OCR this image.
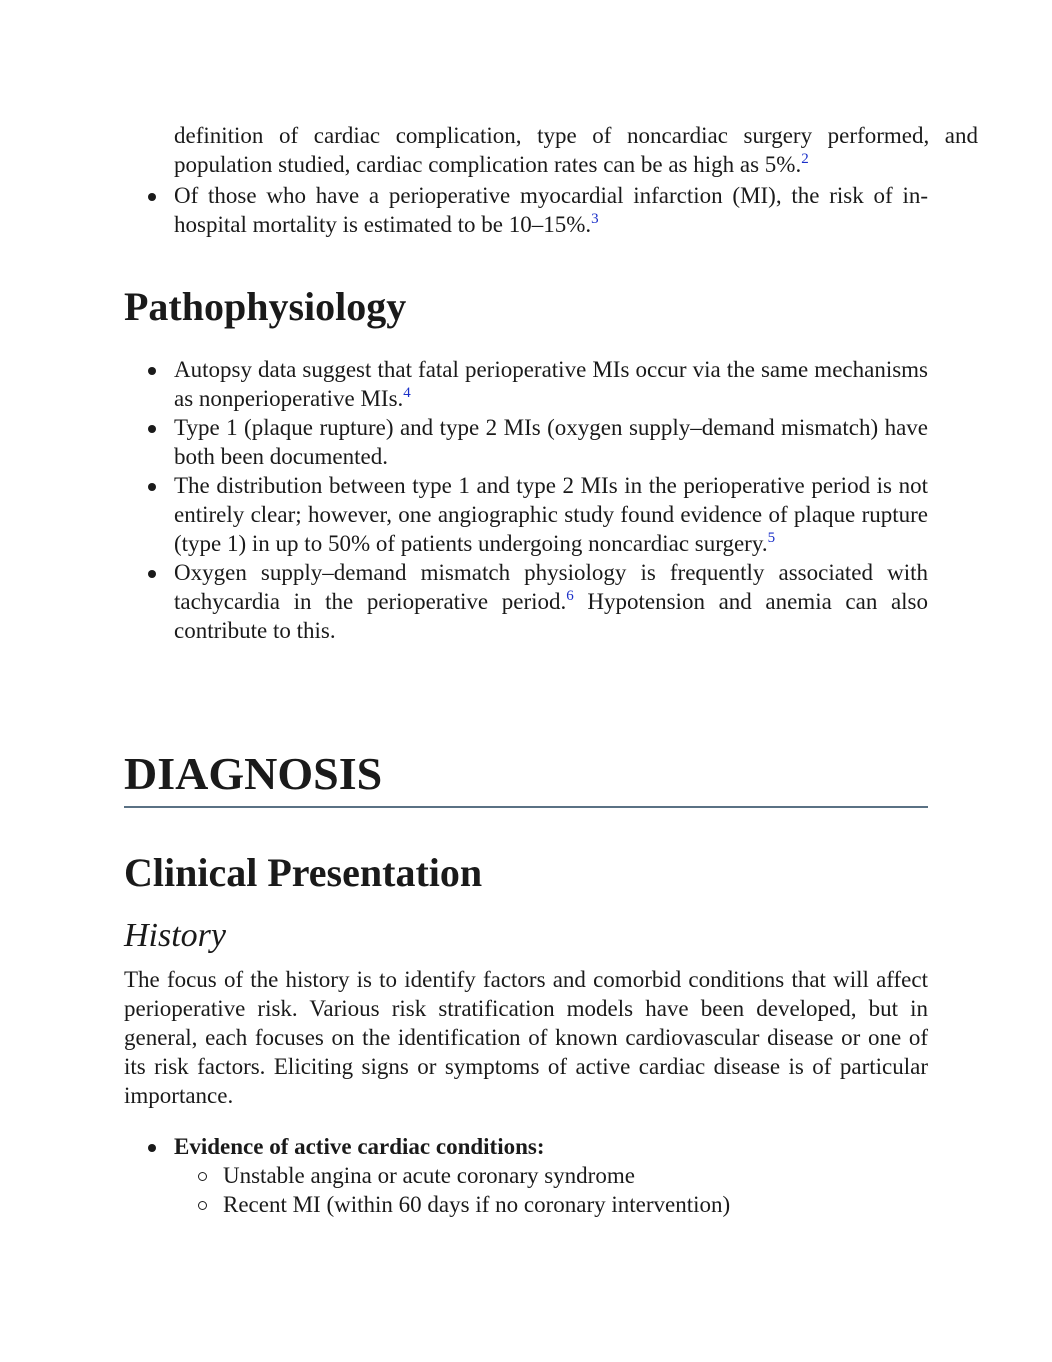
definition of cardiac complication, type of noncardiac surgery performed, and population studied, cardiac complication rates can be as high as 5%.$^2$
Of those who have a perioperative myocardial infarction (MI), the risk of in-hospital mortality is estimated to be 10–15%.$^3$
Pathophysiology
Autopsy data suggest that fatal perioperative MIs occur via the same mechanisms as nonperioperative MIs.$^4$
Type 1 (plaque rupture) and type 2 MIs (oxygen supply–demand mismatch) have both been documented.
The distribution between type 1 and type 2 MIs in the perioperative period is not entirely clear; however, one angiographic study found evidence of plaque rupture (type 1) in up to 50% of patients undergoing noncardiac surgery.$^5$
Oxygen supply–demand mismatch physiology is frequently associated with tachycardia in the perioperative period.$^6$ Hypotension and anemia can also contribute to this.
DIAGNOSIS
Clinical Presentation
History

The focus of the history is to identify factors and comorbid conditions that will affect perioperative risk. Various risk stratification models have been developed, but in general, each focuses on the identification of known cardiovascular disease or one of its risk factors. Eliciting signs or symptoms of active cardiac disease is of particular importance.

Evidence of active cardiac conditions:
Unstable angina or acute coronary syndrome
Recent MI (within 60 days if no coronary intervention)
